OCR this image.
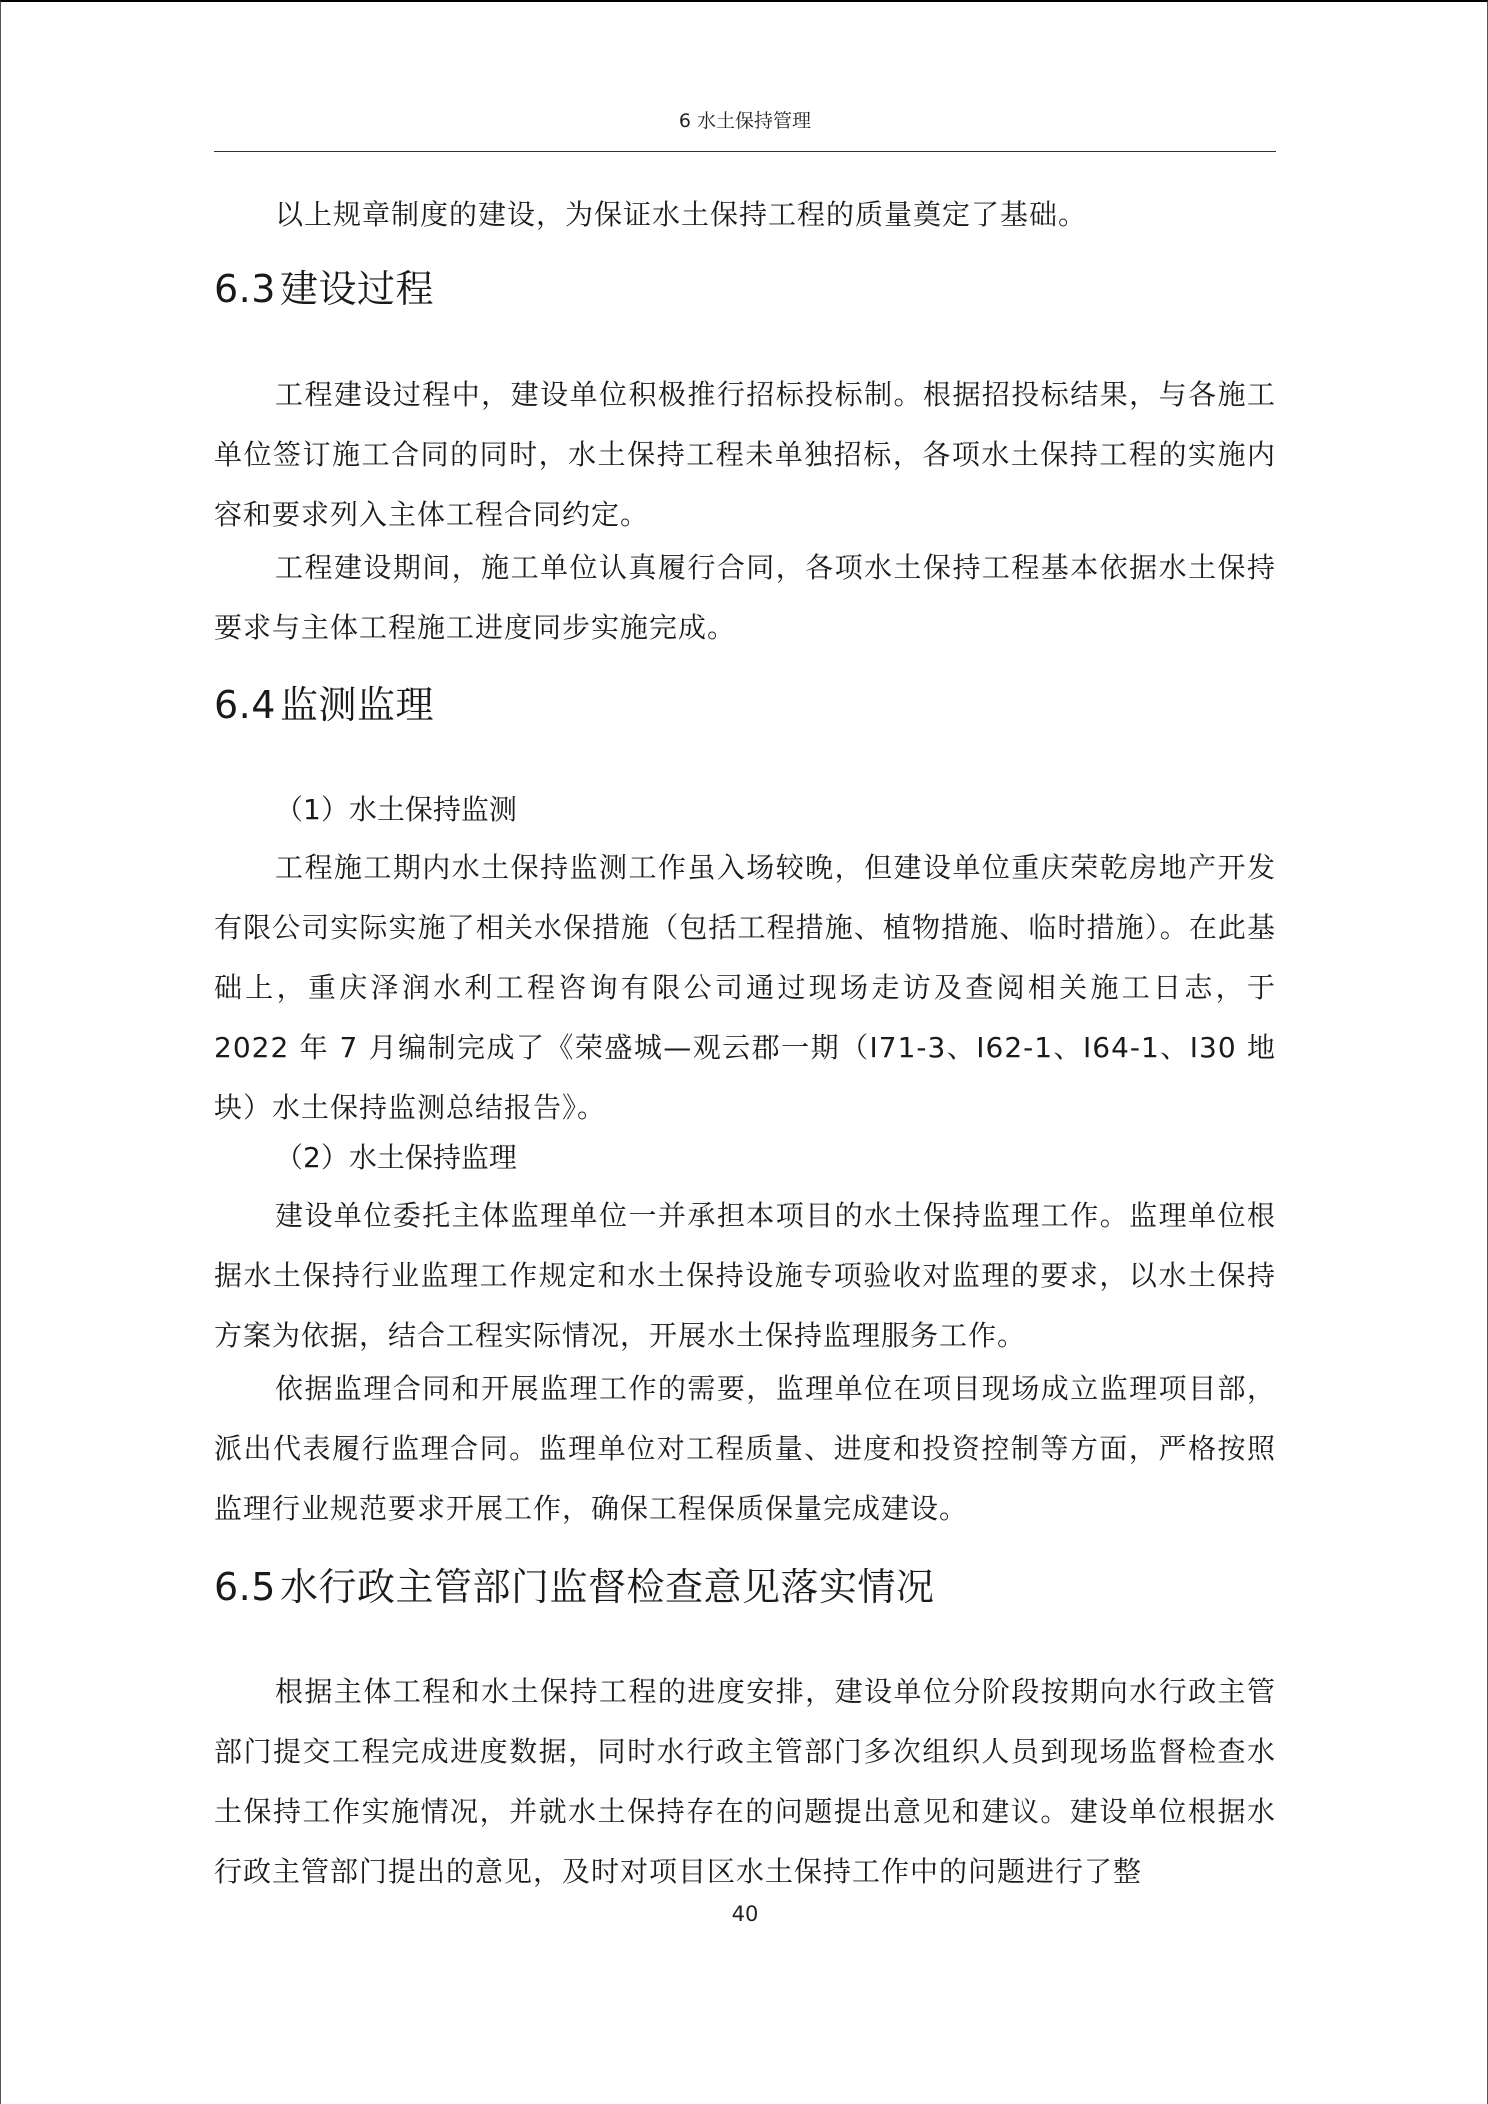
6 水土保持管理

以上规章制度的建设，为保证水土保持工程的质量奠定了基础。

6.3 建设过程

工程建设过程中，建设单位积极推行招标投标制。根据招投标结果，与各施工单位签订施工合同的同时，水土保持工程未单独招标，各项水土保持工程的实施内容和要求列入主体工程合同约定。

工程建设期间，施工单位认真履行合同，各项水土保持工程基本依据水土保持要求与主体工程施工进度同步实施完成。

6.4 监测监理

（1）水土保持监测

工程施工期内水土保持监测工作虽入场较晚，但建设单位重庆荣乾房地产开发有限公司实际实施了相关水保措施（包括工程措施、植物措施、临时措施）。在此基础上，重庆泽润水利工程咨询有限公司通过现场走访及查阅相关施工日志，于 2022 年 7 月编制完成了《荣盛城—观云郡一期（I71-3、I62-1、I64-1、I30 地块）水土保持监测总结报告》。

（2）水土保持监理

建设单位委托主体监理单位一并承担本项目的水土保持监理工作。监理单位根据水土保持行业监理工作规定和水土保持设施专项验收对监理的要求，以水土保持方案为依据，结合工程实际情况，开展水土保持监理服务工作。

依据监理合同和开展监理工作的需要，监理单位在项目现场成立监理项目部，派出代表履行监理合同。监理单位对工程质量、进度和投资控制等方面，严格按照监理行业规范要求开展工作，确保工程保质保量完成建设。

6.5 水行政主管部门监督检查意见落实情况

根据主体工程和水土保持工程的进度安排，建设单位分阶段按期向水行政主管部门提交工程完成进度数据，同时水行政主管部门多次组织人员到现场监督检查水土保持工作实施情况，并就水土保持存在的问题提出意见和建议。建设单位根据水行政主管部门提出的意见，及时对项目区水土保持工作中的问题进行了整

40
